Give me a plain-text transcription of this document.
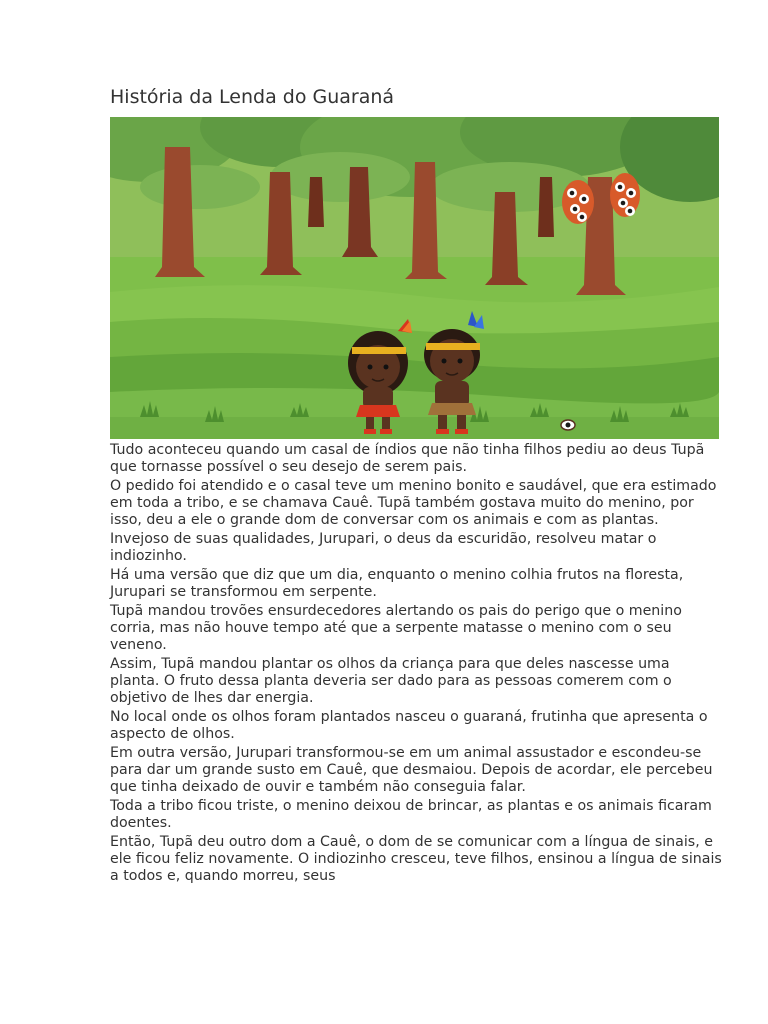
História da Lenda do Guaraná

Tudo aconteceu quando um casal de índios que não tinha filhos pediu ao deus Tupã que tornasse possível o seu desejo de serem pais.

O pedido foi atendido e o casal teve um menino bonito e saudável, que era estimado em toda a tribo, e se chamava Cauê. Tupã também gostava muito do menino, por isso, deu a ele o grande dom de conversar com os animais e com as plantas.

Invejoso de suas qualidades, Jurupari, o deus da escuridão, resolveu matar o indiozinho.

Há uma versão que diz que um dia, enquanto o menino colhia frutos na floresta, Jurupari se transformou em serpente.

Tupã mandou trovões ensurdecedores alertando os pais do perigo que o menino corria, mas não houve tempo até que a serpente matasse o menino com o seu veneno.

Assim, Tupã mandou plantar os olhos da criança para que deles nascesse uma planta. O fruto dessa planta deveria ser dado para as pessoas comerem com o objetivo de lhes dar energia.

No local onde os olhos foram plantados nasceu o guaraná, frutinha que apresenta o aspecto de olhos.

Em outra versão, Jurupari transformou-se em um animal assustador e escondeu-se para dar um grande susto em Cauê, que desmaiou. Depois de acordar, ele percebeu que tinha deixado de ouvir e também não conseguia falar.

Toda a tribo ficou triste, o menino deixou de brincar, as plantas e os animais ficaram doentes.

Então, Tupã deu outro dom a Cauê, o dom de se comunicar com a língua de sinais, e ele ficou feliz novamente. O indiozinho cresceu, teve filhos, ensinou a língua de sinais a todos e, quando morreu, seus
